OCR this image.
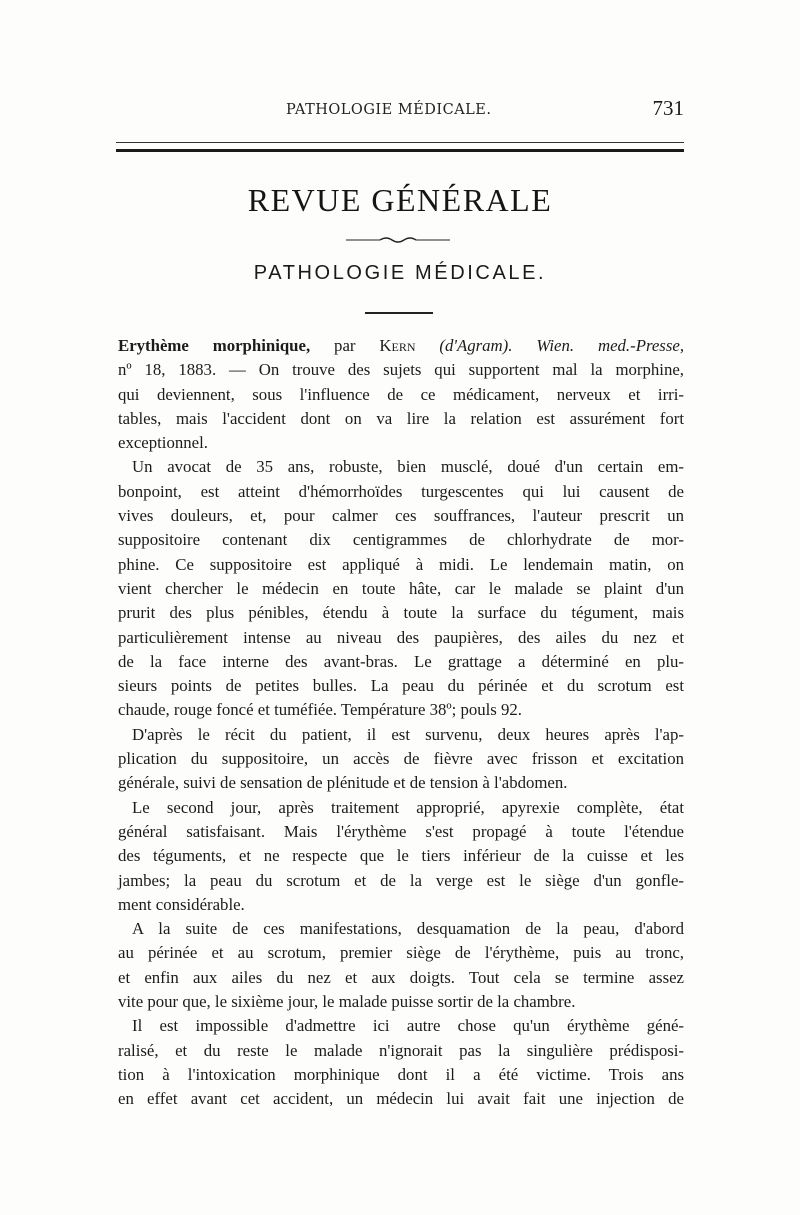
PATHOLOGIE MÉDICALE.	731
REVUE GÉNÉRALE
PATHOLOGIE MÉDICALE.
Erythème morphinique, par Kern (d'Agram). Wien. med.-Presse,
nº 18, 1883. — On trouve des sujets qui supportent mal la morphine,
qui deviennent, sous l'influence de ce médicament, nerveux et irri-
tables, mais l'accident dont on va lire la relation est assurément fort
exceptionnel.
Un avocat de 35 ans, robuste, bien musclé, doué d'un certain em-
bonpoint, est atteint d'hémorrhoïdes turgescentes qui lui causent de
vives douleurs, et, pour calmer ces souffrances, l'auteur prescrit un
suppositoire contenant dix centigrammes de chlorhydrate de mor-
phine. Ce suppositoire est appliqué à midi. Le lendemain matin, on
vient chercher le médecin en toute hâte, car le malade se plaint d'un
prurit des plus pénibles, étendu à toute la surface du tégument, mais
particulièrement intense au niveau des paupières, des ailes du nez et
de la face interne des avant-bras. Le grattage a déterminé en plu-
sieurs points de petites bulles. La peau du périnée et du scrotum est
chaude, rouge foncé et tuméfiée. Température 38º; pouls 92.
D'après le récit du patient, il est survenu, deux heures après l'ap-
plication du suppositoire, un accès de fièvre avec frisson et excitation
générale, suivi de sensation de plénitude et de tension à l'abdomen.
Le second jour, après traitement approprié, apyrexie complète, état
général satisfaisant. Mais l'érythème s'est propagé à toute l'étendue
des téguments, et ne respecte que le tiers inférieur de la cuisse et les
jambes; la peau du scrotum et de la verge est le siège d'un gonfle-
ment considérable.
A la suite de ces manifestations, desquamation de la peau, d'abord
au périnée et au scrotum, premier siège de l'érythème, puis au tronc,
et enfin aux ailes du nez et aux doigts. Tout cela se termine assez
vite pour que, le sixième jour, le malade puisse sortir de la chambre.
Il est impossible d'admettre ici autre chose qu'un érythème géné-
ralisé, et du reste le malade n'ignorait pas la singulière prédisposi-
tion à l'intoxication morphinique dont il a été victime. Trois ans
en effet avant cet accident, un médecin lui avait fait une injection de
